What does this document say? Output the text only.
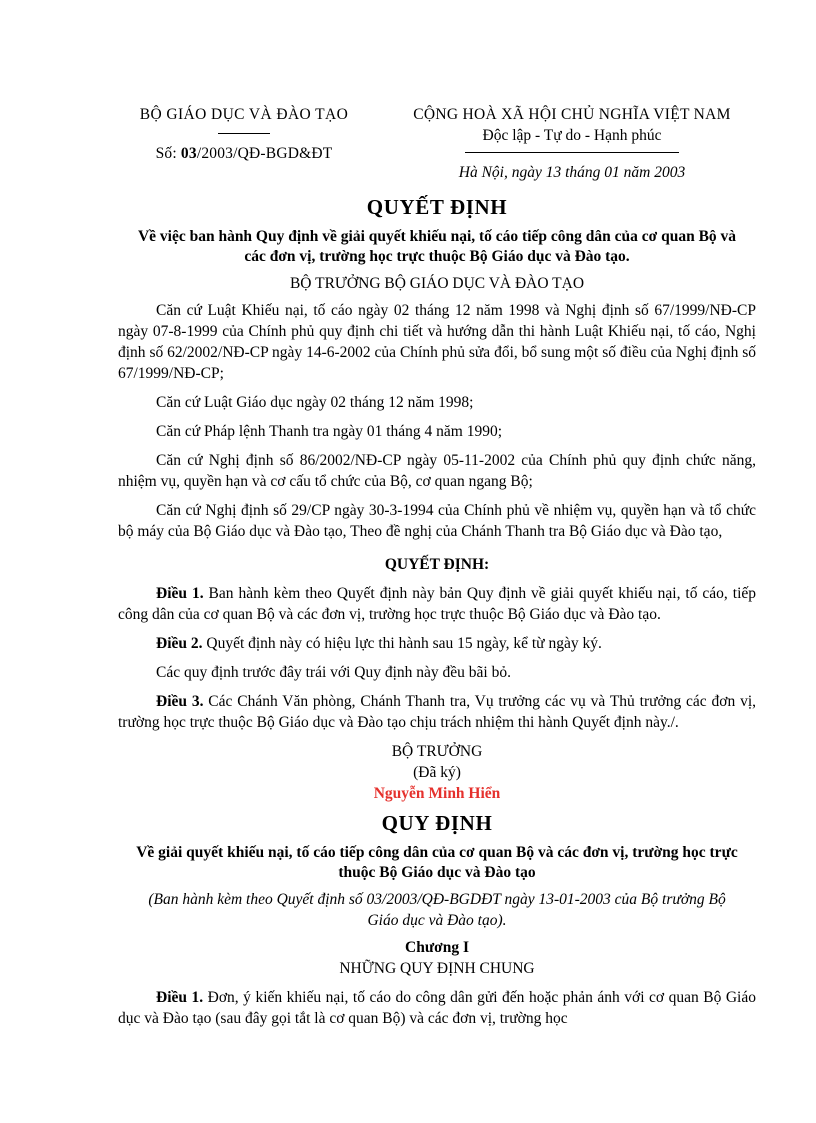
BỘ GIÁO DỤC VÀ ĐÀO TẠO
Số: 03/2003/QĐ-BGD&ĐT
CỘNG HOÀ XÃ HỘI CHỦ NGHĨA VIỆT NAM
Độc lập - Tự do - Hạnh phúc
Hà Nội, ngày 13 tháng 01 năm 2003
QUYẾT ĐỊNH
Về việc ban hành Quy định về giải quyết khiếu nại, tố cáo tiếp công dân của cơ quan Bộ và các đơn vị, trường học trực thuộc Bộ Giáo dục và Đào tạo.
BỘ TRƯỞNG BỘ GIÁO DỤC VÀ ĐÀO TẠO

Căn cứ Luật Khiếu nại, tố cáo ngày 02 tháng 12 năm 1998 và Nghị định số 67/1999/NĐ-CP ngày 07-8-1999 của Chính phủ quy định chi tiết và hướng dẫn thi hành Luật Khiếu nại, tố cáo, Nghị định số 62/2002/NĐ-CP ngày 14-6-2002 của Chính phủ sửa đổi, bổ sung một số điều của Nghị định số 67/1999/NĐ-CP;

Căn cứ Luật Giáo dục ngày 02 tháng 12 năm 1998;

Căn cứ Pháp lệnh Thanh tra ngày 01 tháng 4 năm 1990;

Căn cứ Nghị định số 86/2002/NĐ-CP ngày 05-11-2002 của Chính phủ quy định chức năng, nhiệm vụ, quyền hạn và cơ cấu tổ chức của Bộ, cơ quan ngang Bộ;

Căn cứ Nghị định số 29/CP ngày 30-3-1994 của Chính phủ về nhiệm vụ, quyền hạn và tổ chức bộ máy của Bộ Giáo dục và Đào tạo, Theo đề nghị của Chánh Thanh tra Bộ Giáo dục và Đào tạo,

QUYẾT ĐỊNH:

Điều 1. Ban hành kèm theo Quyết định này bản Quy định về giải quyết khiếu nại, tố cáo, tiếp công dân của cơ quan Bộ và các đơn vị, trường học trực thuộc Bộ Giáo dục và Đào tạo.

Điều 2. Quyết định này có hiệu lực thi hành sau 15 ngày, kể từ ngày ký.

Các quy định trước đây trái với Quy định này đều bãi bỏ.

Điều 3. Các Chánh Văn phòng, Chánh Thanh tra, Vụ trưởng các vụ và Thủ trưởng các đơn vị, trường học trực thuộc Bộ Giáo dục và Đào tạo chịu trách nhiệm thi hành Quyết định này./.

BỘ TRƯỞNG
(Đã ký)
Nguyễn Minh Hiển
QUY ĐỊNH
Về giải quyết khiếu nại, tố cáo tiếp công dân của cơ quan Bộ và các đơn vị, trường học trực thuộc Bộ Giáo dục và Đào tạo
(Ban hành kèm theo Quyết định số 03/2003/QĐ-BGDĐT ngày 13-01-2003 của Bộ trưởng Bộ Giáo dục và Đào tạo).
Chương I
NHỮNG QUY ĐỊNH CHUNG

Điều 1. Đơn, ý kiến khiếu nại, tố cáo do công dân gửi đến hoặc phản ánh với cơ quan Bộ Giáo dục và Đào tạo (sau đây gọi tắt là cơ quan Bộ) và các đơn vị, trường học
